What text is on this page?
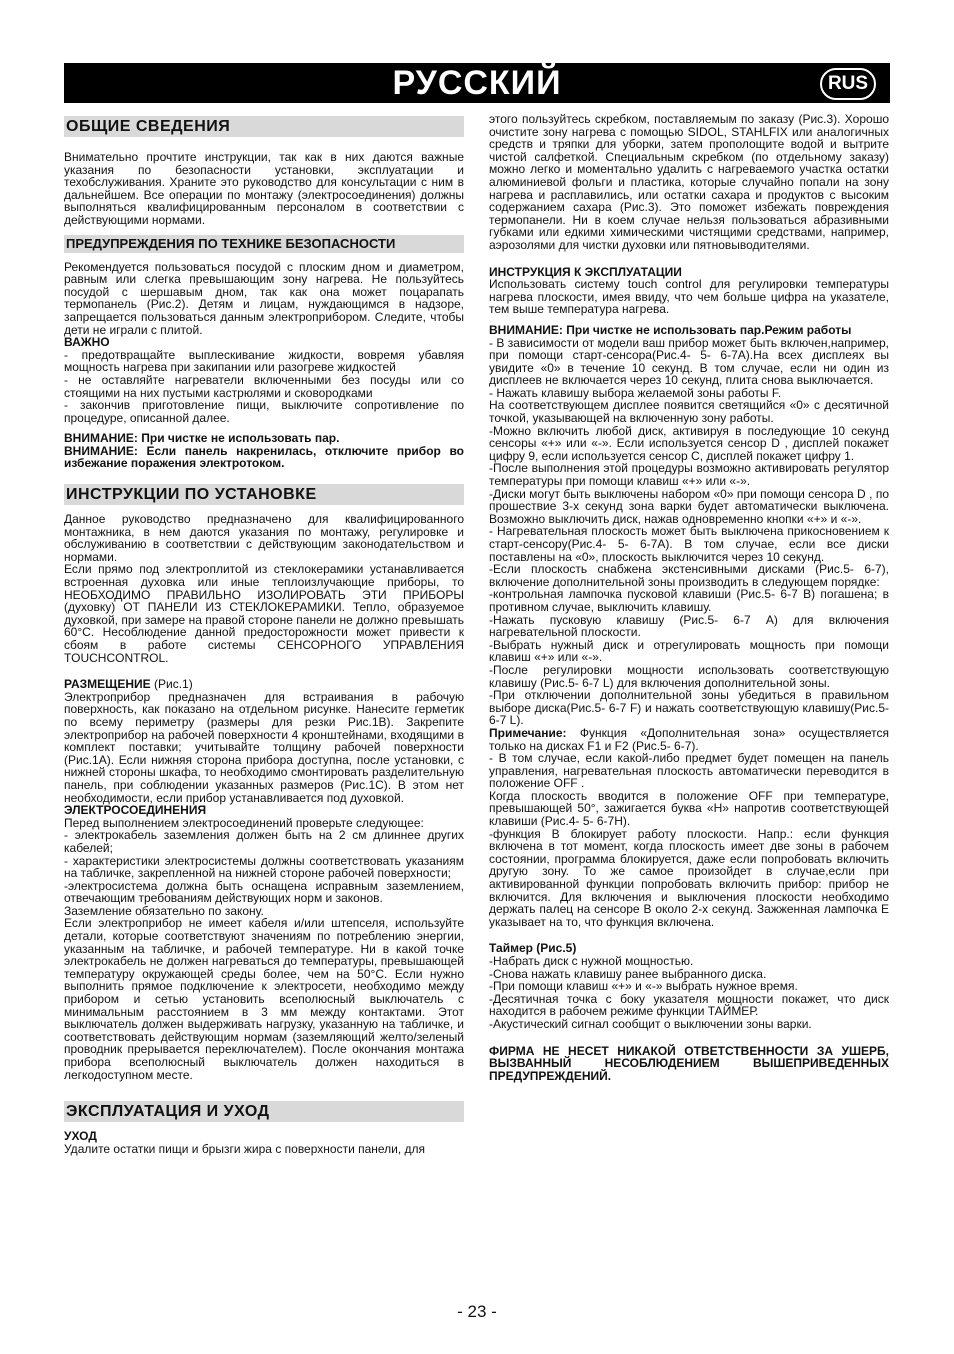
РУССКИЙ	RUS
ОБЩИЕ СВЕДЕНИЯ

Внимательно прочтите инструкции, так как в них даются важные указания по безопасности установки, эксплуатации и техобслуживания. Храните это руководство для консультации с ним в дальнейшем. Все операции по монтажу (электросоединения) должны выполняться квалифицированным персоналом в соответствии с действующими нормами.

ПРЕДУПРЕЖДЕНИЯ ПО ТЕХНИКЕ БЕЗОПАСНОСТИ

Рекомендуется пользоваться посудой с плоским дном и диаметром, равным или слегка превышающим зону нагрева. Не пользуйтесь посудой с шершавым дном, так как она может поцарапать термопанель (Рис.2). Детям и лицам, нуждающимся в надзоре, запрещается пользоваться данным электроприбором. Следите, чтобы дети не играли с плитой.

ВАЖНО

- предотвращайте выплескивание жидкости, вовремя убавляя мощность нагрева при закипании или разогреве жидкостей

- не оставляйте нагреватели включенными без посуды или со стоящими на них пустыми кастрюлями и сковородками

- закончив приготовление пищи, выключите сопротивление по процедуре, описанной далее.

ВНИМАНИЕ: При чистке не использовать пар.

ВНИМАНИЕ: Если панель накренилась, отключите прибор во избежание поражения электротоком.

ИНСТРУКЦИИ ПО УСТАНОВКЕ

Данное руководство предназначено для квалифицированного монтажника, в нем даются указания по монтажу, регулировке и обслуживанию в соответствии с действующим законодательством и нормами.

Если прямо под электроплитой из стеклокерамики устанавливается встроенная духовка или иные теплоизлучающие приборы, то НЕОБХОДИМО ПРАВИЛЬНО ИЗОЛИРОВАТЬ ЭТИ ПРИБОРЫ (духовку) ОТ ПАНЕЛИ ИЗ СТЕКЛОКЕРАМИКИ. Тепло, образуемое духовкой, при замере на правой стороне панели не должно превышать 60°С. Несоблюдение данной предосторожности может привести к сбоям в работе системы СЕНСОРНОГО УПРАВЛЕНИЯ TOUCHCONTROL.

РАЗМЕЩЕНИЕ (Рис.1)

Электроприбор предназначен для встраивания в рабочую поверхность, как показано на отдельном рисунке. Нанесите герметик по всему периметру (размеры для резки Рис.1В). Закрепите электроприбор на рабочей поверхности 4 кронштейнами, входящими в комплект поставки; учитывайте толщину рабочей поверхности (Рис.1А). Если нижняя сторона прибора доступна, после установки, с нижней стороны шкафа, то необходимо смонтировать разделительную панель, при соблюдении указанных размеров (Рис.1С). В этом нет необходимости, если прибор устанавливается под духовкой.

ЭЛЕКТРОСОЕДИНЕНИЯ

Перед выполнением электросоединений проверьте следующее:

- электрокабель заземления должен быть на 2 см длиннее других кабелей;

- характеристики электросистемы должны соответствовать указаниям на табличке, закрепленной на нижней стороне рабочей поверхности;

-электросистема должна быть оснащена исправным заземлением, отвечающим требованиям действующих норм и законов.

Заземление обязательно по закону.

Если электроприбор не имеет кабеля и/или штепселя, используйте детали, которые соответствуют значениям по потреблению энергии, указанным на табличке, и рабочей температуре. Ни в какой точке электрокабель не должен нагреваться до температуры, превышающей температуру окружающей среды более, чем на 50°С. Если нужно выполнить прямое подключение к электросети, необходимо между прибором и сетью установить всеполюсный выключатель с минимальным расстоянием в 3 мм между контактами. Этот выключатель должен выдерживать нагрузку, указанную на табличке, и соответствовать действующим нормам (заземляющий желто/зеленый проводник прерывается переключателем). После окончания монтажа прибора всеполюсный выключатель должен находиться в легкодоступном месте.

ЭКСПЛУАТАЦИЯ И УХОД

УХОД

Удалите остатки пищи и брызги жира с поверхности панели, для

этого пользуйтесь скребком, поставляемым по заказу (Рис.3). Хорошо очистите зону нагрева с помощью SIDOL, STAHLFIX или аналогичных средств и тряпки для уборки, затем прополощите водой и вытрите чистой салфеткой. Специальным скребком (по отдельному заказу) можно легко и моментально удалить с нагреваемого участка остатки алюминиевой фольги и пластика, которые случайно попали на зону нагрева и расплавились, или остатки сахара и продуктов с высоким содержанием сахара (Рис.3). Это поможет избежать повреждения термопанели. Ни в коем случае нельзя пользоваться абразивными губками или едкими химическими чистящими средствами, например, аэрозолями для чистки духовки или пятновыводителями.

ИНСТРУКЦИЯ К ЭКСПЛУАТАЦИИ

Использовать систему touch control для регулировки температуры нагрева плоскости, имея ввиду, что чем больше цифра на указателе, тем выше температура нагрева.

ВНИМАНИЕ: При чистке не использовать пар.Режим работы

- В зависимости от модели ваш прибор может быть включен,например, при помощи старт-сенсора(Рис.4- 5- 6-7А).На всех дисплеях вы увидите «0» в течение 10 секунд. В том случае, если ни один из дисплеев не включается через 10 секунд, плита снова выключается.

- Нажать клавишу выбора желаемой зоны работы F.

На соответствующем дисплее появится светящийся «0» с десятичной точкой, указывающей на включенную зону работы.

-Можно включить любой диск, активируя в последующие 10 секунд сенсоры «+» или «-». Если используется сенсор D , дисплей покажет цифру 9, если используется сенсор С, дисплей покажет цифру 1.

-После выполнения этой процедуры возможно активировать регулятор температуры при помощи клавиш «+» или «-».

-Диски могут быть выключены набором «0» при помощи сенсора D , по прошествие 3-х секунд зона варки будет автоматически выключена. Возможно выключить диск, нажав одновременно кнопки «+» и «-».

- Нагревательная плоскость может быть выключена прикосновением к старт-сенсору(Рис.4- 5- 6-7А). В том случае, если все диски поставлены на «0», плоскость выключится через 10 секунд.

-Если плоскость снабжена экстенсивными дисками (Рис.5- 6-7), включение дополнительной зоны производить в следующем порядке:

-контрольная лампочка пусковой клавиши (Рис.5- 6-7 В) погашена; в противном случае, выключить клавишу.

-Нажать пусковую клавишу (Рис.5- 6-7 А) для включения нагревательной плоскости.

-Выбрать нужный диск и отрегулировать мощность при помощи клавиш «+» или «-».

-После регулировки мощности использовать соответствующую клавишу (Рис.5- 6-7 L) для включения дополнительной зоны.

-При отключении дополнительной зоны убедиться в правильном выборе диска(Рис.5- 6-7 F) и нажать соответствующую клавишу(Рис.5- 6-7 L).

Примечание: Функция «Дополнительная зона» осуществляется только на дисках F1 и F2 (Рис.5- 6-7).

- В том случае, если какой-либо предмет будет помещен на панель управления, нагревательная плоскость автоматически переводится в положение OFF .

Когда плоскость вводится в положение OFF при температуре, превышающей 50°, зажигается буква «H» напротив соответствующей клавиши (Рис.4- 5- 6-7H).

-функция В блокирует работу плоскости. Напр.: если функция включена в тот момент, когда плоскость имеет две зоны в рабочем состоянии, программа блокируется, даже если попробовать включить другую зону. То же самое произойдет в случае,если при активированной функции попробовать включить прибор: прибор не включится. Для включения и выключения плоскости необходимо держать палец на сенсоре В около 2-х секунд. Зажженная лампочка Е указывает на то, что функция включена.

Таймер (Рис.5)

-Набрать диск с нужной мощностью.

-Снова нажать клавишу ранее выбранного диска.

-При помощи клавиш «+» и «-» выбрать нужное время.

-Десятичная точка с боку указателя мощности покажет, что диск находится в рабочем режиме функции ТАЙМЕР.

-Акустический сигнал сообщит о выключении зоны варки.

ФИРМА НЕ НЕСЕТ НИКАКОЙ ОТВЕТСТВЕННОСТИ ЗА УШЕРБ, ВЫЗВАННЫЙ НЕСОБЛЮДЕНИЕМ ВЫШЕПРИВЕДЕННЫХ ПРЕДУПРЕЖДЕНИЙ.

- 23 -
